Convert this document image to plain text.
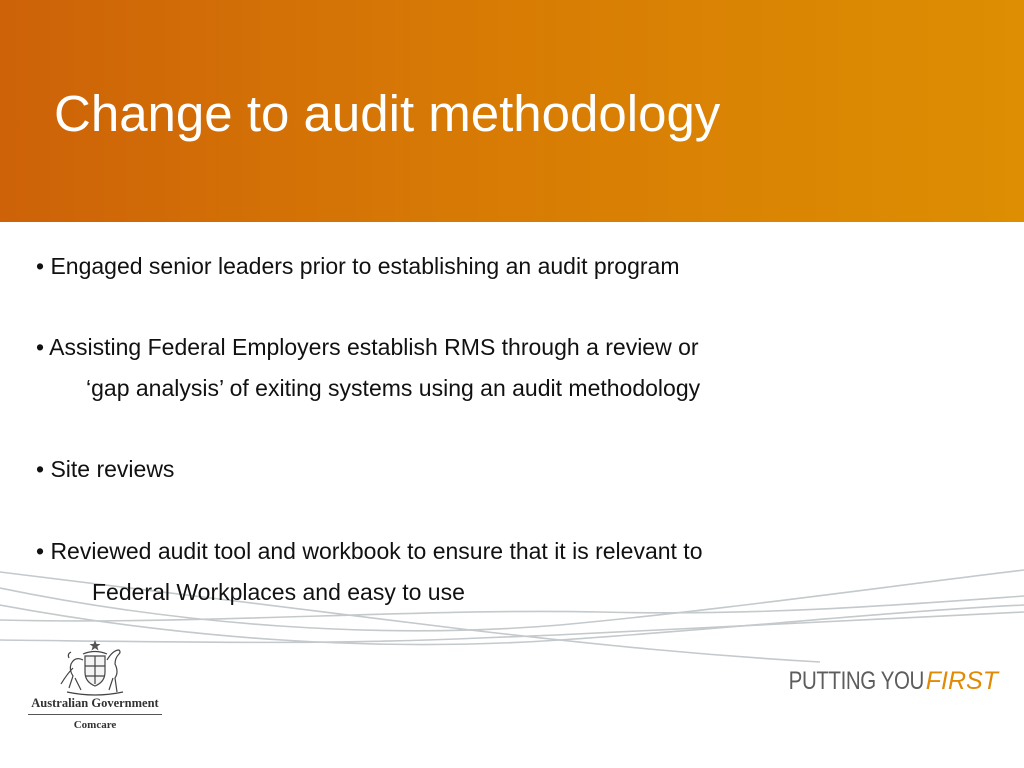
Change to audit methodology

• Engaged senior leaders prior to establishing an audit program

• Assisting Federal Employers establish RMS through a review or

‘gap analysis’ of exiting systems using an audit methodology

• Site reviews

• Reviewed audit tool and workbook to ensure that it is relevant to

Federal Workplaces and easy to use

Australian Government
Comcare
PUTTING YOUFIRST
